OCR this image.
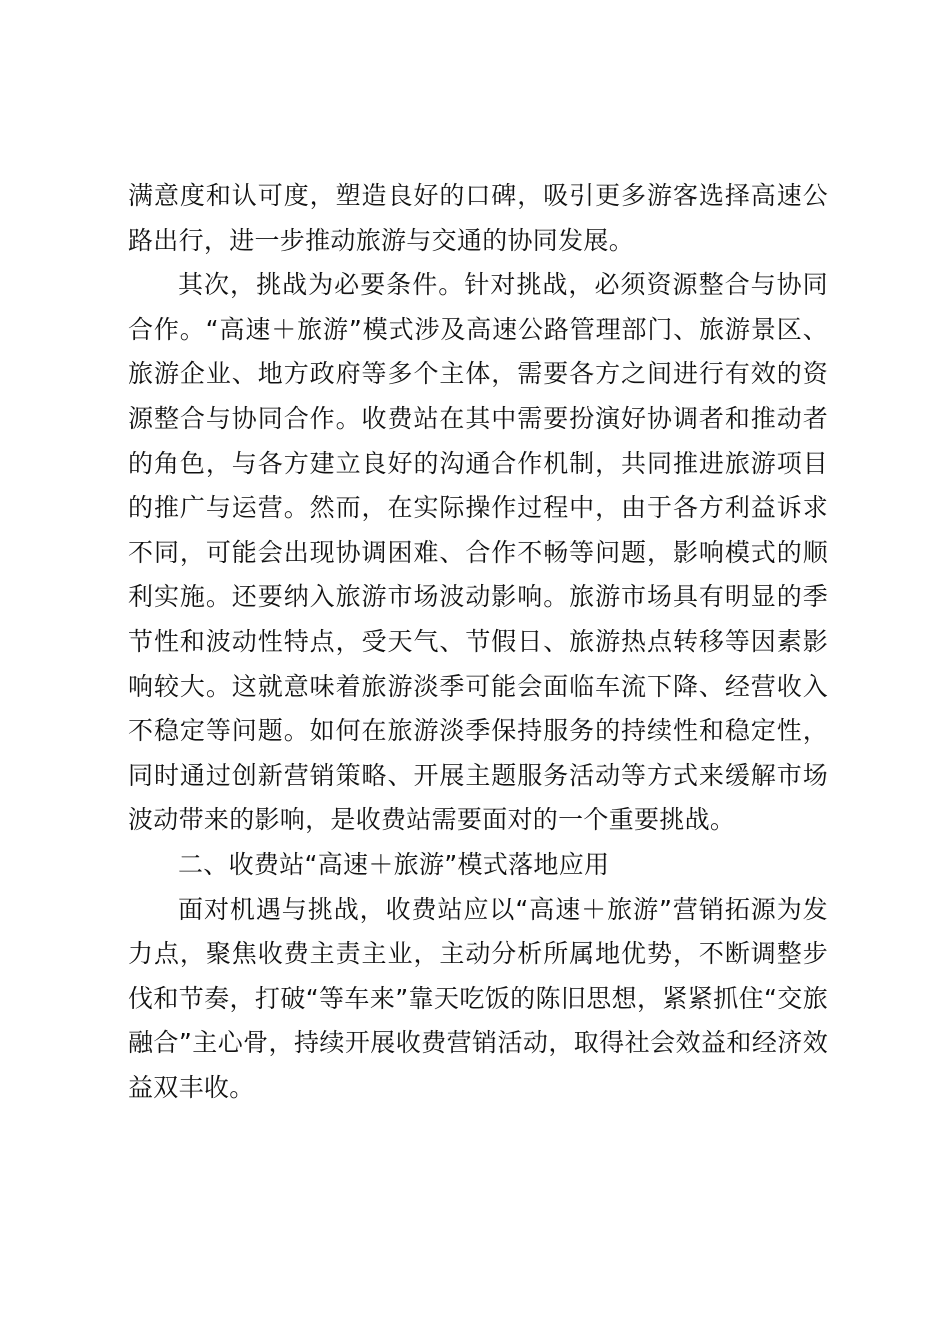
满意度和认可度，塑造良好的口碑，吸引更多游客选择高速公路出行，进一步推动旅游与交通的协同发展。

其次，挑战为必要条件。针对挑战，必须资源整合与协同合作。“高速＋旅游”模式涉及高速公路管理部门、旅游景区、旅游企业、地方政府等多个主体，需要各方之间进行有效的资源整合与协同合作。收费站在其中需要扮演好协调者和推动者的角色，与各方建立良好的沟通合作机制，共同推进旅游项目的推广与运营。然而，在实际操作过程中，由于各方利益诉求不同，可能会出现协调困难、合作不畅等问题，影响模式的顺利实施。还要纳入旅游市场波动影响。旅游市场具有明显的季节性和波动性特点，受天气、节假日、旅游热点转移等因素影响较大。这就意味着旅游淡季可能会面临车流下降、经营收入不稳定等问题。如何在旅游淡季保持服务的持续性和稳定性，同时通过创新营销策略、开展主题服务活动等方式来缓解市场波动带来的影响，是收费站需要面对的一个重要挑战。

二、收费站“高速＋旅游”模式落地应用

面对机遇与挑战，收费站应以“高速＋旅游”营销拓源为发力点，聚焦收费主责主业，主动分析所属地优势，不断调整步伐和节奏，打破“等车来”靠天吃饭的陈旧思想，紧紧抓住“交旅融合”主心骨，持续开展收费营销活动，取得社会效益和经济效益双丰收。
